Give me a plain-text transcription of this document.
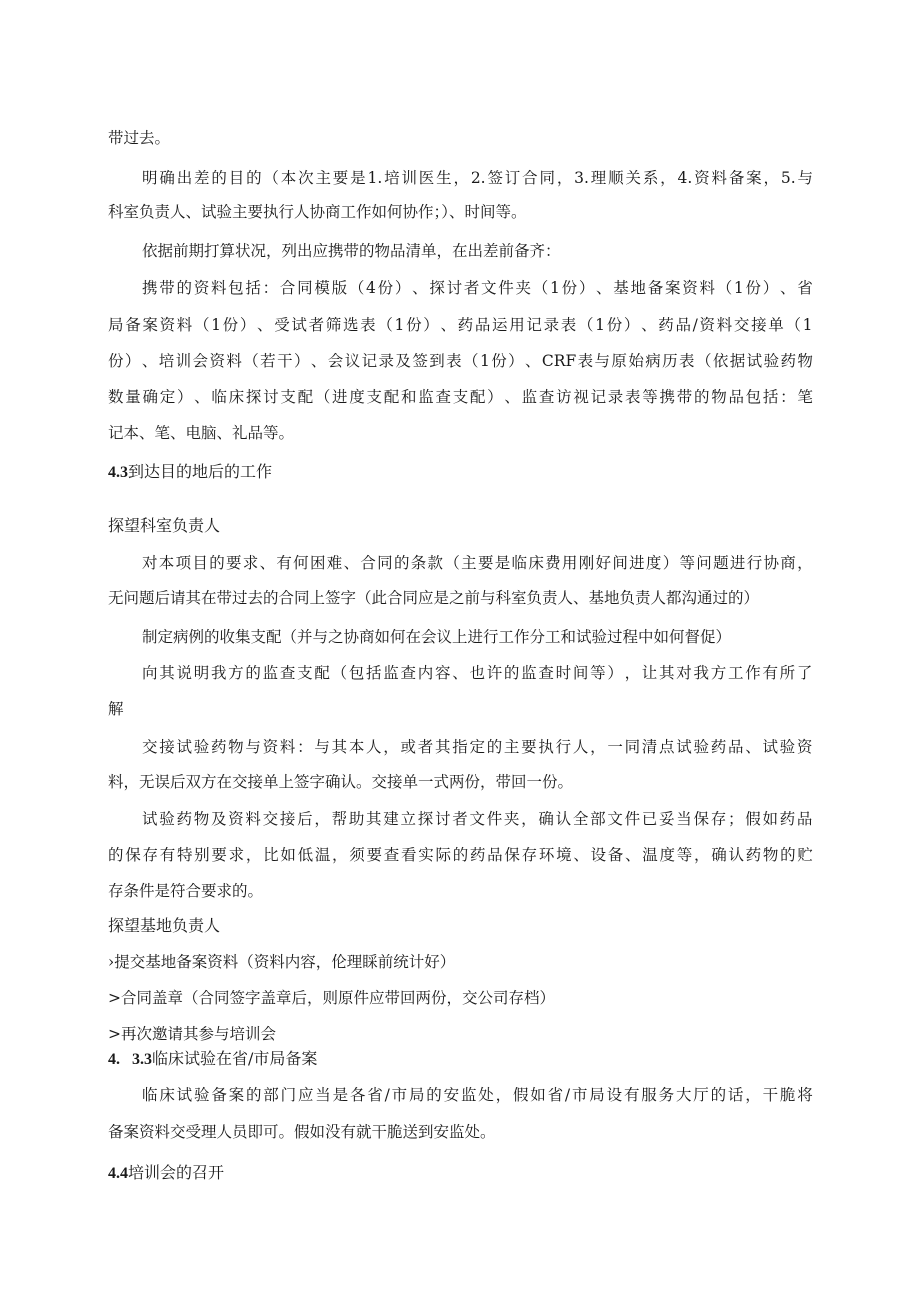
带过去。
明 确 出 差 的 目 的 （ 本 次 主 要 是 1. 培 训 医 生 ， 2. 签 订 合 同 ， 3. 理 顺 关 系 ， 4. 资 料 备 案 ， 5. 与
科室负责人、试验主要执行人协商工作如何协作；）、时间等。
依据前期打算状况，列出应携带的物品清单，在出差前备齐：
携 带 的 资 料 包 括 ： 合 同 模 版 （ 4 份 ） 、 探 讨 者 文 件 夹 （ 1 份 ） 、 基 地 备 案 资 料 （ 1 份 ） 、 省
局 备 案 资 料 （ 1 份 ） 、 受 试 者 筛 选 表 （ 1 份 ） 、 药 品 运 用 记 录 表 （ 1 份 ） 、 药 品 / 资 料 交 接 单 （ 1
份 ） 、 培 训 会 资 料 （ 若 干 ） 、 会 议 记 录 及 签 到 表 （ 1 份 ） 、 CRF 表 与 原 始 病 历 表 （ 依 据 试 验 药 物
数 量 确 定 ） 、 临 床 探 讨 支 配 （ 进 度 支 配 和 监 查 支 配 ） 、 监 查 访 视 记 录 表 等 携 带 的 物 品 包 括 ： 笔
记本、笔、电脑、礼品等。
4.3到达目的地后的工作
探望科室负责人
对 本 项 目 的 要 求 、 有 何 困 难 、 合 同 的 条 款 （ 主 要 是 临 床 费 用 刚 好 间 进 度 ） 等 问 题 进 行 协 商 ，
无问题后请其在带过去的合同上签字（此合同应是之前与科室负责人、基地负责人都沟通过的）
制定病例的收集支配（并与之协商如何在会议上进行工作分工和试验过程中如何督促）
向 其 说 明 我 方 的 监 查 支 配 （ 包 括 监 查 内 容 、 也 许 的 监 查 时 间 等 ） ， 让 其 对 我 方 工 作 有 所 了
解
交 接 试 验 药 物 与 资 料 ： 与 其 本 人 ， 或 者 其 指 定 的 主 要 执 行 人 ， 一 同 清 点 试 验 药 品 、 试 验 资
料，无误后双方在交接单上签字确认。交接单一式两份，带回一份。
试 验 药 物 及 资 料 交 接 后 ， 帮 助 其 建 立 探 讨 者 文 件 夹 ， 确 认 全 部 文 件 已 妥 当 保 存 ； 假 如 药 品
的 保 存 有 特 别 要 求 ， 比 如 低 温 ， 须 要 查 看 实 际 的 药 品 保 存 环 境 、 设 备 、 温 度 等 ， 确 认 药 物 的 贮
存条件是符合要求的。
探望基地负责人
›提交基地备案资料（资料内容，伦理睬前统计好）
>合同盖章（合同签字盖章后，则原件应带回两份，交公司存档）
>再次邀请其参与培训会
4.   3.3临床试验在省/市局备案
临 床 试 验 备 案 的 部 门 应 当 是 各 省 / 市 局 的 安 监 处 ， 假 如 省 / 市 局 设 有 服 务 大 厅 的 话 ， 干 脆 将
备案资料交受理人员即可。假如没有就干脆送到安监处。
4.4培训会的召开
